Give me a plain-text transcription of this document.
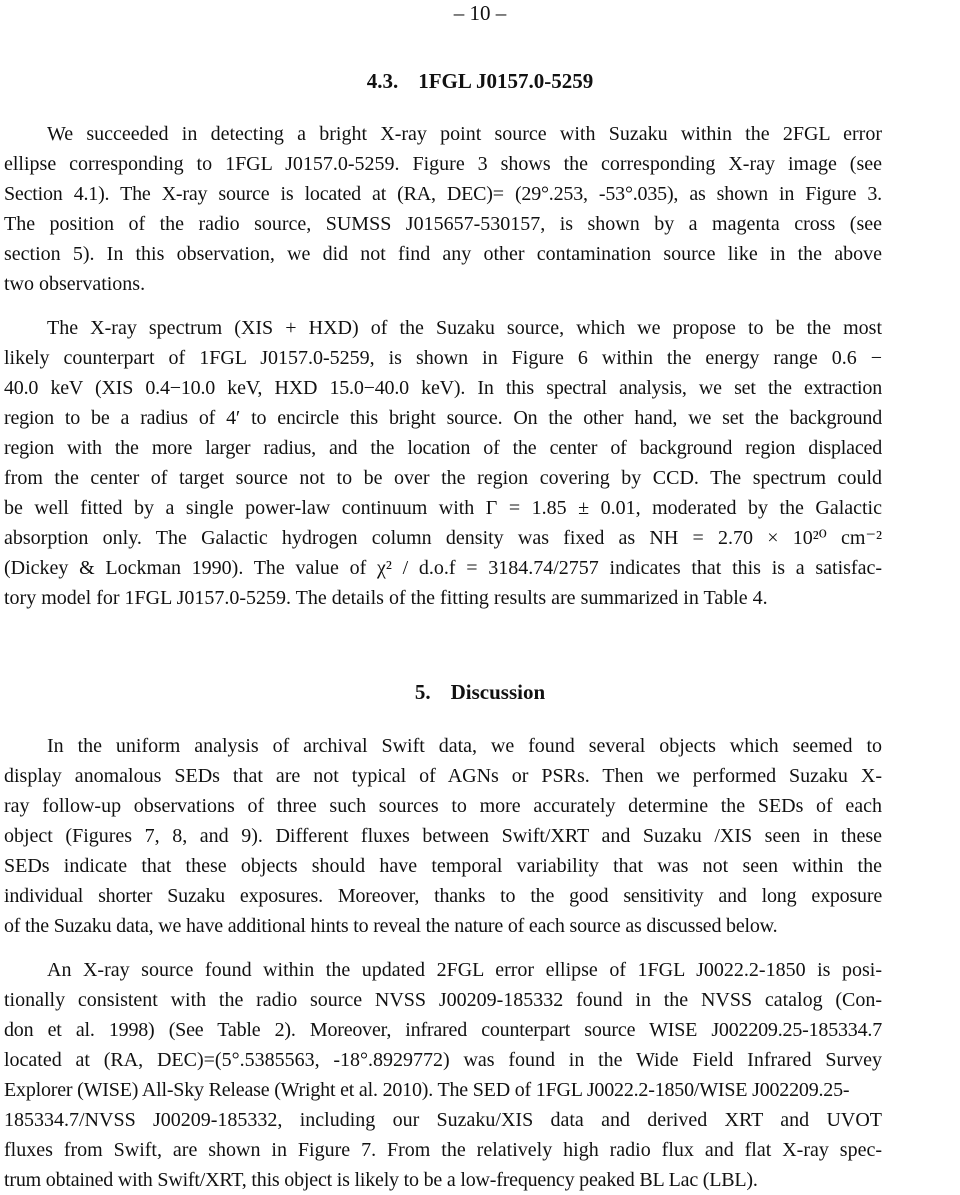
– 10 –
4.3. 1FGL J0157.0-5259
We succeeded in detecting a bright X-ray point source with Suzaku within the 2FGL error
ellipse corresponding to 1FGL J0157.0-5259. Figure 3 shows the corresponding X-ray image (see
Section 4.1). The X-ray source is located at (RA, DEC)= (29°.253, -53°.035), as shown in Figure 3.
The position of the radio source, SUMSS J015657-530157, is shown by a magenta cross (see
section 5). In this observation, we did not find any other contamination source like in the above
two observations.
The X-ray spectrum (XIS + HXD) of the Suzaku source, which we propose to be the most
likely counterpart of 1FGL J0157.0-5259, is shown in Figure 6 within the energy range 0.6 −
40.0 keV (XIS 0.4−10.0 keV, HXD 15.0−40.0 keV). In this spectral analysis, we set the extraction
region to be a radius of 4′ to encircle this bright source. On the other hand, we set the background
region with the more larger radius, and the location of the center of background region displaced
from the center of target source not to be over the region covering by CCD. The spectrum could
be well fitted by a single power-law continuum with Γ = 1.85 ± 0.01, moderated by the Galactic
absorption only. The Galactic hydrogen column density was fixed as NH = 2.70 × 10²⁰ cm⁻²
(Dickey & Lockman 1990). The value of χ² / d.o.f = 3184.74/2757 indicates that this is a satisfac-
tory model for 1FGL J0157.0-5259. The details of the fitting results are summarized in Table 4.
5. Discussion
In the uniform analysis of archival Swift data, we found several objects which seemed to
display anomalous SEDs that are not typical of AGNs or PSRs. Then we performed Suzaku X-
ray follow-up observations of three such sources to more accurately determine the SEDs of each
object (Figures 7, 8, and 9). Different fluxes between Swift/XRT and Suzaku /XIS seen in these
SEDs indicate that these objects should have temporal variability that was not seen within the
individual shorter Suzaku exposures. Moreover, thanks to the good sensitivity and long exposure
of the Suzaku data, we have additional hints to reveal the nature of each source as discussed below.
An X-ray source found within the updated 2FGL error ellipse of 1FGL J0022.2-1850 is posi-
tionally consistent with the radio source NVSS J00209-185332 found in the NVSS catalog (Con-
don et al. 1998) (See Table 2). Moreover, infrared counterpart source WISE J002209.25-185334.7
located at (RA, DEC)=(5°.5385563, -18°.8929772) was found in the Wide Field Infrared Survey
Explorer (WISE) All-Sky Release (Wright et al. 2010). The SED of 1FGL J0022.2-1850/WISE J002209.25-
185334.7/NVSS J00209-185332, including our Suzaku/XIS data and derived XRT and UVOT
fluxes from Swift, are shown in Figure 7. From the relatively high radio flux and flat X-ray spec-
trum obtained with Swift/XRT, this object is likely to be a low-frequency peaked BL Lac (LBL).
